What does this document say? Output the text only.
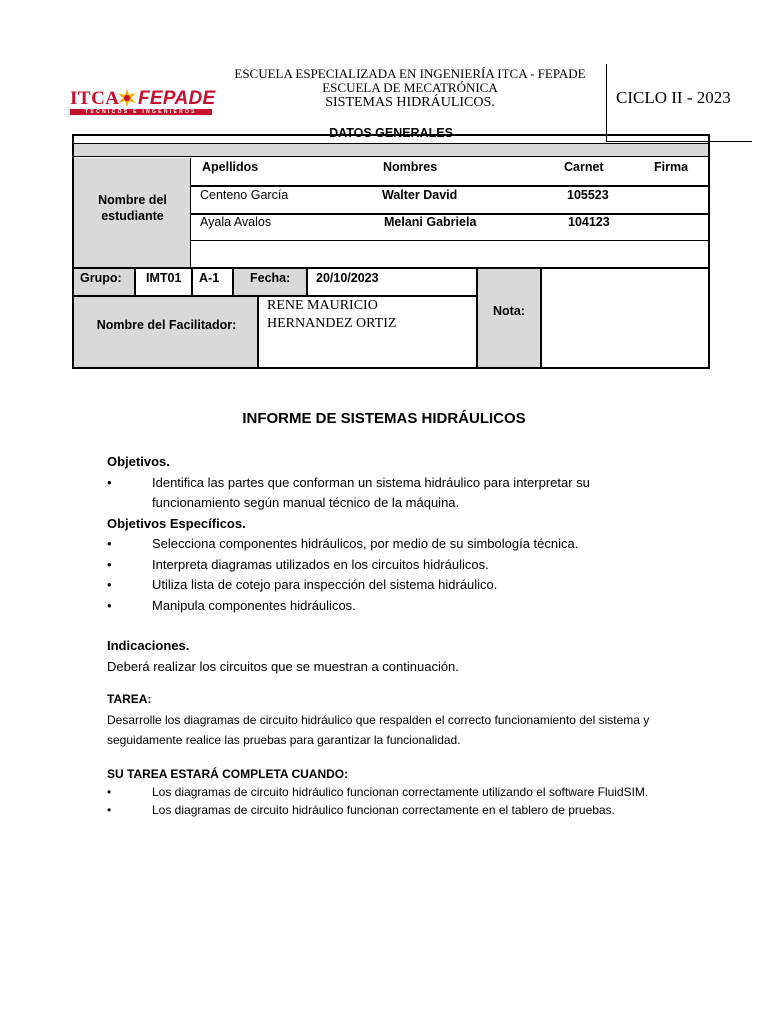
ITCA FEPADE
TÉCNICOS E INGENIEROS
ESCUELA ESPECIALIZADA EN INGENIERÍA ITCA - FEPADE
ESCUELA DE MECATRÓNICA
SISTEMAS HIDRÁULICOS.	CICLO II - 2023
DATOS GENERALES
Nombre del estudiante
Apellidos	Nombres	Carnet	Firma
Centeno García	Walter David	105523
Ayala Avalos	Melani Gabriela	104123
Grupo: IMT01 A-1 Fecha: 20/10/2023
Nombre del Facilitador:
RENE MAURICIO
HERNANDEZ ORTIZ
Nota:
INFORME DE SISTEMAS HIDRÁULICOS
Objetivos.
•	Identifica las partes que conforman un sistema hidráulico para interpretar su funcionamiento según manual técnico de la máquina.
Objetivos Específicos.
•	Selecciona componentes hidráulicos, por medio de su simbología técnica.
•	Interpreta diagramas utilizados en los circuitos hidráulicos.
•	Utiliza lista de cotejo para inspección del sistema hidráulico.
•	Manipula componentes hidráulicos.
Indicaciones.
Deberá realizar los circuitos que se muestran a continuación.
TAREA:
Desarrolle los diagramas de circuito hidráulico que respalden el correcto funcionamiento del sistema y seguidamente realice las pruebas para garantizar la funcionalidad.
SU TAREA ESTARÁ COMPLETA CUANDO:
•	Los diagramas de circuito hidráulico funcionan correctamente utilizando el software FluidSIM.
•	Los diagramas de circuito hidráulico funcionan correctamente en el tablero de pruebas.
